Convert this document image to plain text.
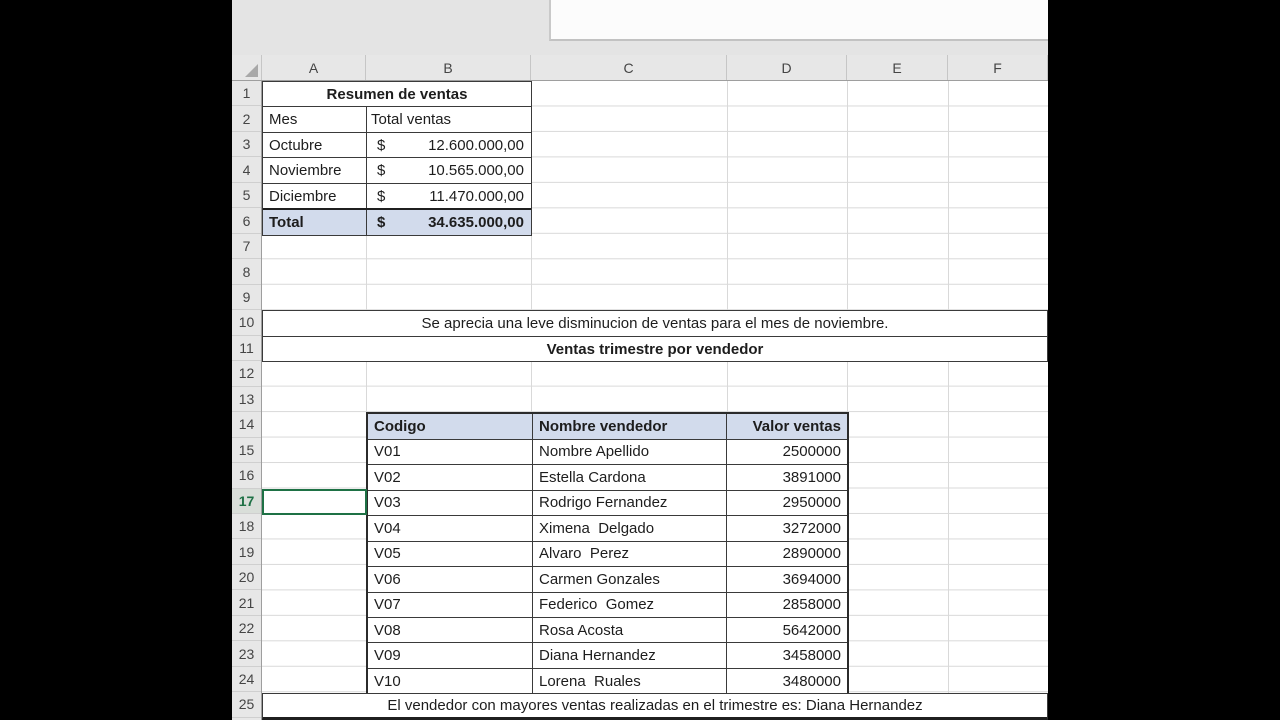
A	B	C	D	E	F
1
2
3
4
5
6
7
8
9
10
11
12
13
14
15
16
17
18
19
20
21
22
23
24
25
Resumen de ventas
Mes	Total ventas
Octubre	$	12.600.000,00
Noviembre	$	10.565.000,00
Diciembre	$	11.470.000,00
Total	$	34.635.000,00
Se aprecia una leve disminucion de ventas para el mes de noviembre.
Ventas trimestre por vendedor
Codigo	Nombre vendedor	Valor ventas
V01	Nombre Apellido	2500000
V02	Estella Cardona	3891000
V03	Rodrigo Fernandez	2950000
V04	Ximena  Delgado	3272000
V05	Alvaro  Perez	2890000
V06	Carmen Gonzales	3694000
V07	Federico  Gomez	2858000
V08	Rosa Acosta	5642000
V09	Diana Hernandez	3458000
V10	Lorena  Ruales	3480000
El vendedor con mayores ventas realizadas en el trimestre es: Diana Hernandez
